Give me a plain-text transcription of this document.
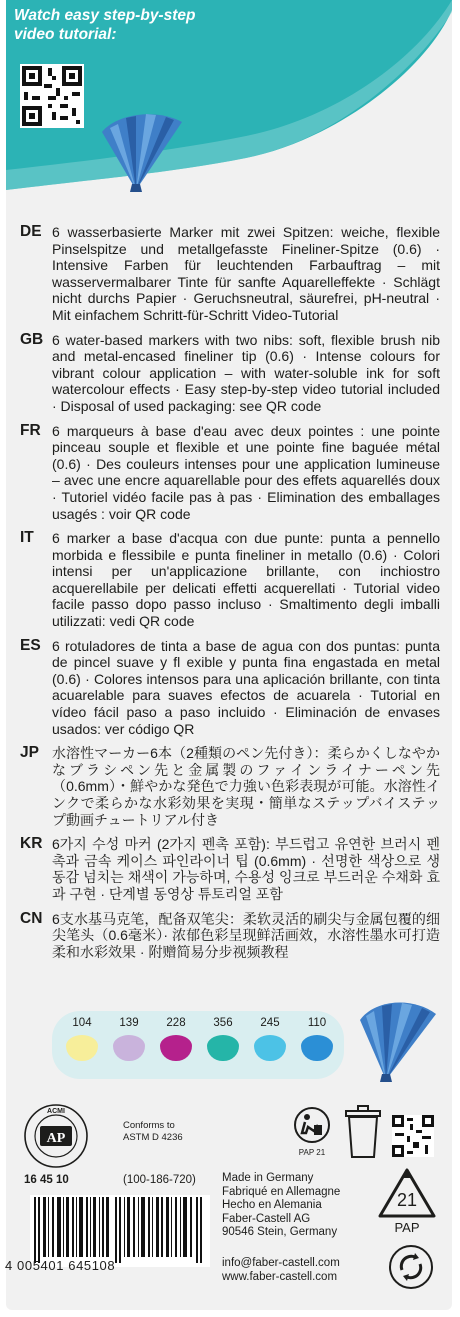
Watch easy step-by-step video tutorial:
DE 6 wasserbasierte Marker mit zwei Spitzen: weiche, flexible Pinselspitze und metallgefasste Fineliner-Spitze (0.6) · Intensive Farben für leuchtenden Farbauftrag – mit wasservermalbarer Tinte für sanfte Aquarelleffekte · Schlägt nicht durchs Papier · Geruchsneutral, säurefrei, pH-neutral · Mit einfachem Schritt-für-Schritt Video-Tutorial
GB 6 water-based markers with two nibs: soft, flexible brush nib and metal-encased fineliner tip (0.6) · Intense colours for vibrant colour application – with water-soluble ink for soft watercolour effects · Easy step-by-step video tutorial included · Disposal of used packaging: see QR code
FR 6 marqueurs à base d'eau avec deux pointes : une pointe pinceau souple et flexible et une pointe fine baguée métal (0.6) · Des couleurs intenses pour une application lumineuse – avec une encre aquarellable pour des effets aquarellés doux · Tutoriel vidéo facile pas à pas · Elimination des emballages usagés : voir QR code
IT	6 marker a base d'acqua con due punte: punta a pennello morbida e flessibile e punta fineliner in metallo (0.6) · Colori intensi per un'applicazione brillante, con inchiostro acquerellabile per delicati effetti acquerellati · Tutorial video facile passo dopo passo incluso · Smaltimento degli imballi utilizzati: vedi QR code
ES 6 rotuladores de tinta a base de agua con dos puntas: punta de pincel suave y fl exible y punta fina engastada en metal (0.6) · Colores intensos para una aplicación brillante, con tinta acuarelable para suaves efectos de acuarela · Tutorial en vídeo fácil paso a paso incluido · Eliminación de envases usados: ver código QR
JP 水溶性マーカー6本（2種類のペン先付き）：柔らかくしなやかなブラシペン先と金属製のファインライナーペン先（0.6mm）・鮮やかな発色で力強い色彩表現が可能。水溶性インクで柔らかな水彩効果を実現・簡単なステップバイステップ動画チュートリアル付き
KR 6가지 수성 마커 (2가지 펜촉 포함): 부드럽고 유연한 브러시 펜촉과 금속 케이스 파인라이너 팁 (0.6mm) · 선명한 색상으로 생동감 넘치는 채색이 가능하며, 수용성 잉크로 부드러운 수채화 효과 구현 · 단계별 동영상 튜토리얼 포함
CN 6支水基马克笔，配备双笔尖：柔软灵活的刷尖与金属包覆的细尖笔头（0.6毫米）· 浓郁色彩呈现鲜活画效，水溶性墨水可打造柔和水彩效果 · 附赠简易分步视频教程
104	139	228	356	245	110
ACMI
AP
Conforms to ASTM D 4236
PAP 21
16 45 10	(100-186-720) Made in Germany
Fabriqué en Allemagne
Hecho en Alemania
Faber-Castell AG
90546 Stein, Germany
21
PAP
4 005401 645108	info@faber-castell.com
www.faber-castell.com
